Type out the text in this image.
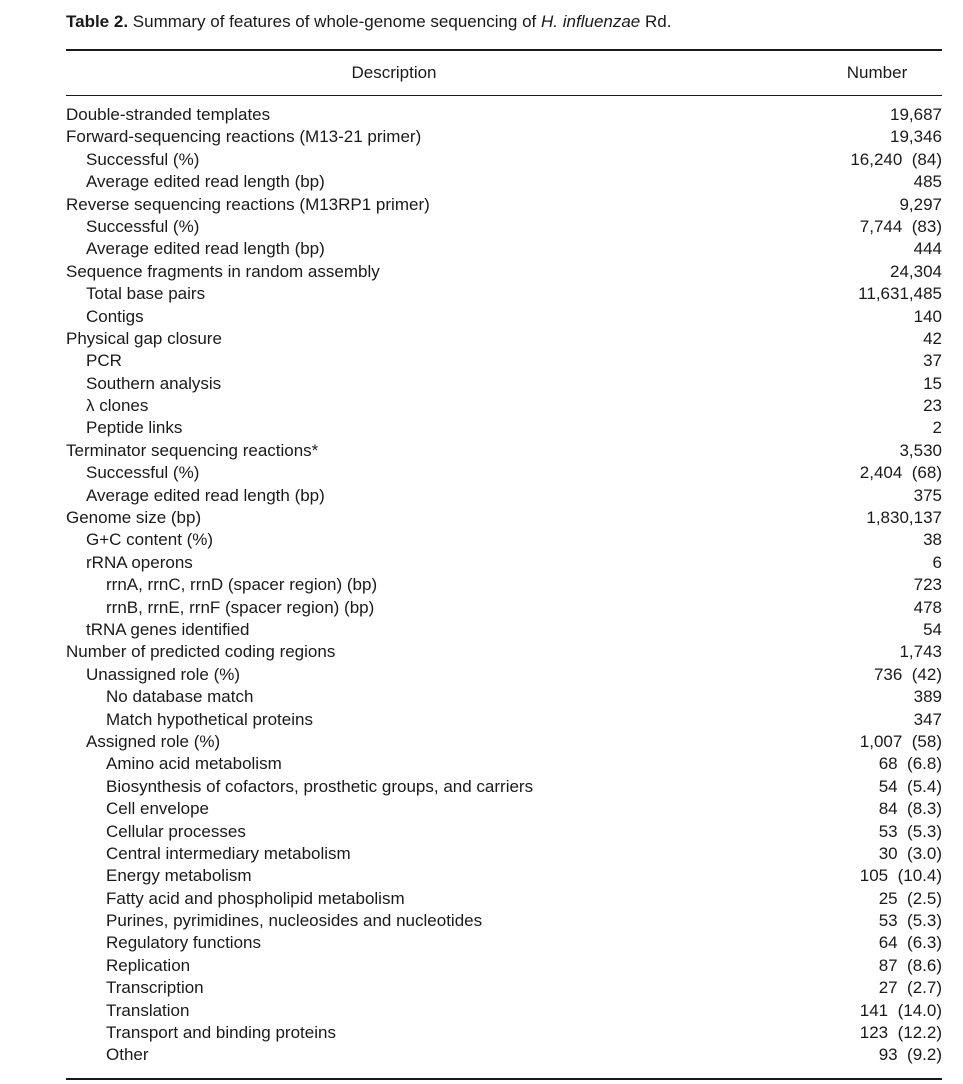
Table 2. Summary of features of whole-genome sequencing of H. influenzae Rd.
Description	Number
Double-stranded templates	19,687
Forward-sequencing reactions (M13-21 primer)	19,346
Successful (%)	16,240  (84)
Average edited read length (bp)	485
Reverse sequencing reactions (M13RP1 primer)	9,297
Successful (%)	7,744  (83)
Average edited read length (bp)	444
Sequence fragments in random assembly	24,304
Total base pairs	11,631,485
Contigs	140
Physical gap closure	42
PCR	37
Southern analysis	15
λ clones	23
Peptide links	2
Terminator sequencing reactions*	3,530
Successful (%)	2,404  (68)
Average edited read length (bp)	375
Genome size (bp)	1,830,137
G+C content (%)	38
rRNA operons	6
rrnA, rrnC, rrnD (spacer region) (bp)	723
rrnB, rrnE, rrnF (spacer region) (bp)	478
tRNA genes identified	54
Number of predicted coding regions	1,743
Unassigned role (%)	736  (42)
No database match	389
Match hypothetical proteins	347
Assigned role (%)	1,007  (58)
Amino acid metabolism	68  (6.8)
Biosynthesis of cofactors, prosthetic groups, and carriers	54  (5.4)
Cell envelope	84  (8.3)
Cellular processes	53  (5.3)
Central intermediary metabolism	30  (3.0)
Energy metabolism	105  (10.4)
Fatty acid and phospholipid metabolism	25  (2.5)
Purines, pyrimidines, nucleosides and nucleotides	53  (5.3)
Regulatory functions	64  (6.3)
Replication	87  (8.6)
Transcription	27  (2.7)
Translation	141  (14.0)
Transport and binding proteins	123  (12.2)
Other	93  (9.2)
